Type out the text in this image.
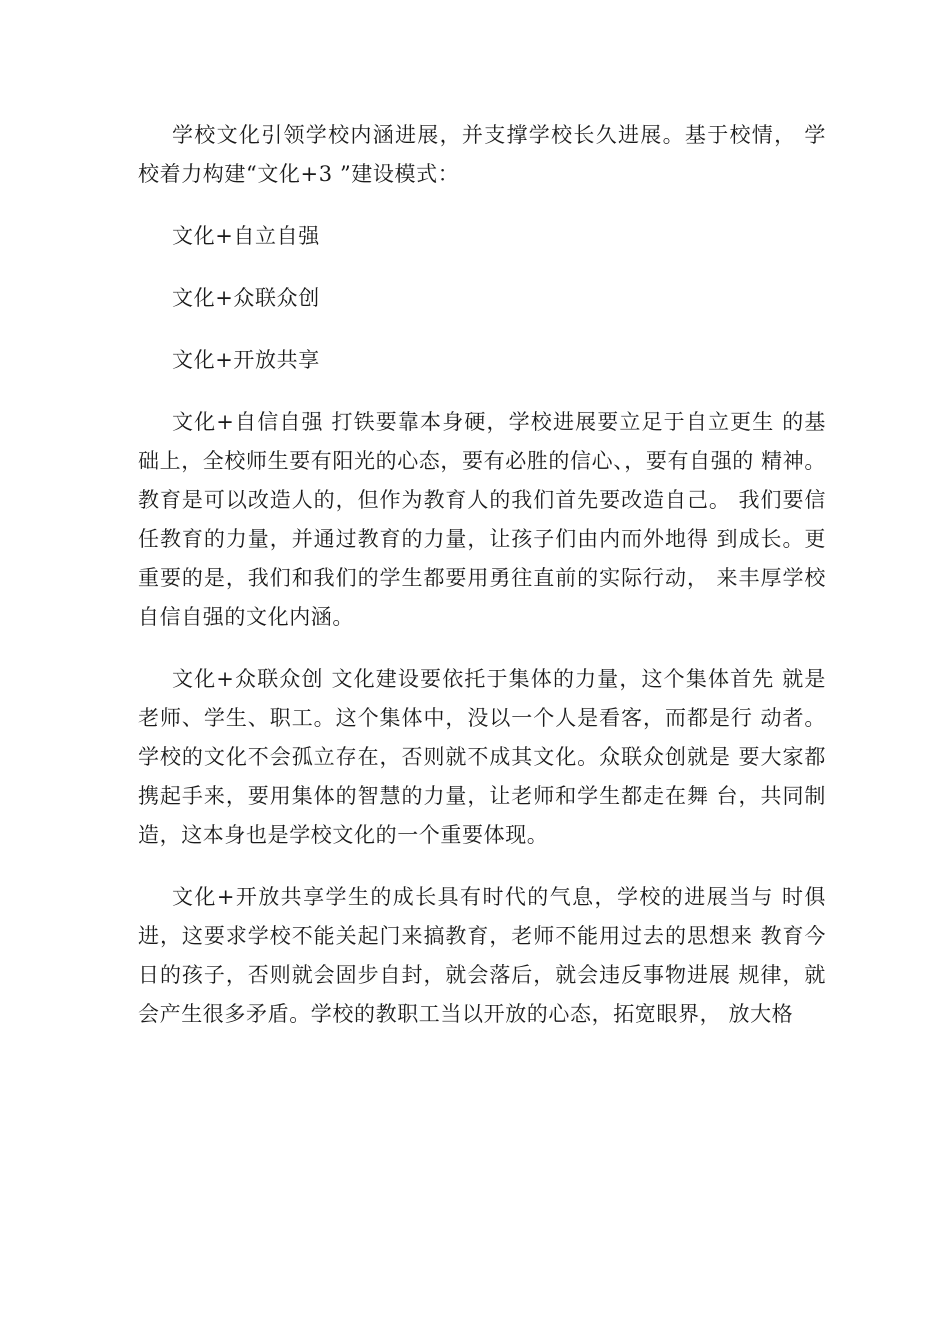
学校文化引领学校内涵进展，并支撑学校长久进展。基于校情， 学校着力构建“文化+3 ”建设模式：

文化+自立自强

文化+众联众创

文化+开放共享

文化+自信自强 打铁要靠本身硬，学校进展要立足于自立更生 的基础上，全校师生要有阳光的心态，要有必胜的信心、，要有自强的 精神。教育是可以改造人的，但作为教育人的我们首先要改造自己。 我们要信任教育的力量，并通过教育的力量，让孩子们由内而外地得 到成长。更重要的是，我们和我们的学生都要用勇往直前的实际行动， 来丰厚学校自信自强的文化内涵。

文化+众联众创 文化建设要依托于集体的力量，这个集体首先 就是老师、学生、职工。这个集体中，没以一个人是看客，而都是行 动者。学校的文化不会孤立存在，否则就不成其文化。众联众创就是 要大家都携起手来，要用集体的智慧的力量，让老师和学生都走在舞 台，共同制造，这本身也是学校文化的一个重要体现。

文化+开放共享学生的成长具有时代的气息，学校的进展当与 时俱进，这要求学校不能关起门来搞教育，老师不能用过去的思想来 教育今日的孩子，否则就会固步自封，就会落后，就会违反事物进展 规律，就会产生很多矛盾。学校的教职工当以开放的心态，拓宽眼界， 放大格
